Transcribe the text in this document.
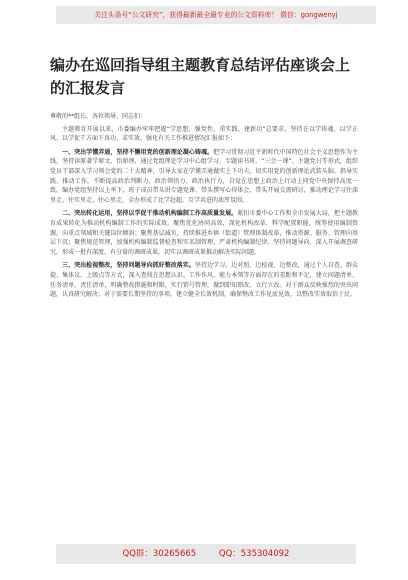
关注头条号“公文研究”，获得最新最全最专业的公文资料库！ 微信：gongwenyj
编办在巡回指导组主题教育总结评估座谈会上的汇报发言

尊敬的**组长，各位领导，同志们：

主题教育开展以来，市委编办牢牢把握“学思想、强党性、重实践、建新功”总要求，坚持在以学铸魂、以学正风、以学促干方面下真功、求实效、强化有关工作推进情况汇报如下：

一、突出学懂弄通，坚持不懈用党的创新理论凝心铸魂。把学习贯彻习近平新时代中国特色社会主义思想作为主线，坚持读原著学原文、悟原理，通过党组理论学习中心组学习、专题读书班、“三会一课”、主题党日等形式，组织党员干部深入学习领会党的二十大精神，引导大家在学懂弄通做实上下功夫，切实用党的创新理论武装头脑、指导实践、推动工作，不断提高政治判断力、政治领悟力、政治执行力，自觉在思想上政治上行动上同党中央保持高度一致。编办党组坚持以上率下，班子成员带头讲专题党课、带头撰写心得体会、带头开展交流研讨，推动理论学习往深里走、往实里走、往心里走，全办形成了比学赶超、互学共进的浓厚氛围。

二、突出转化运用，坚持以学促干推动机构编制工作高质量发展。紧扣市委中心工作和全市发展大局，把主题教育成果转化为推动机构编制工作的实际成效。聚焦优化协同高效，深化机构改革，科学配置职能，统筹使用编制资源，向重点领域和关键岗位倾斜；聚焦基层减负，持续推进乡镇（街道）管理体制改革，推动资源、服务、管理向基层下沉；聚焦规范管理，加强机构编制监督检查和实名制管理，严肃机构编制纪律。坚持问题导向，深入开展调查研究，形成一批有深度、有分量的调研成果，切实以调研成果推动解决实际问题。

三、突出检视整改，坚持问题导向抓好整改落实。坚持边学习、边对照、边检视、边整改，通过个人自查、群众提、集体议、上级点等方式，深入查找在思想认识、工作作风、能力本领等方面存在的差距和不足，建立问题清单、任务清单、责任清单，明确整改措施和时限，实行销号管理，做到即知即改、立行立改。对于群众反映强烈的突出问题，认真研究解决；对于需要长期坚持的事项，建立健全长效机制，确保整改工作见底见效，以整改实效取信于民。

QQ群：30265665	QQ：535304092
